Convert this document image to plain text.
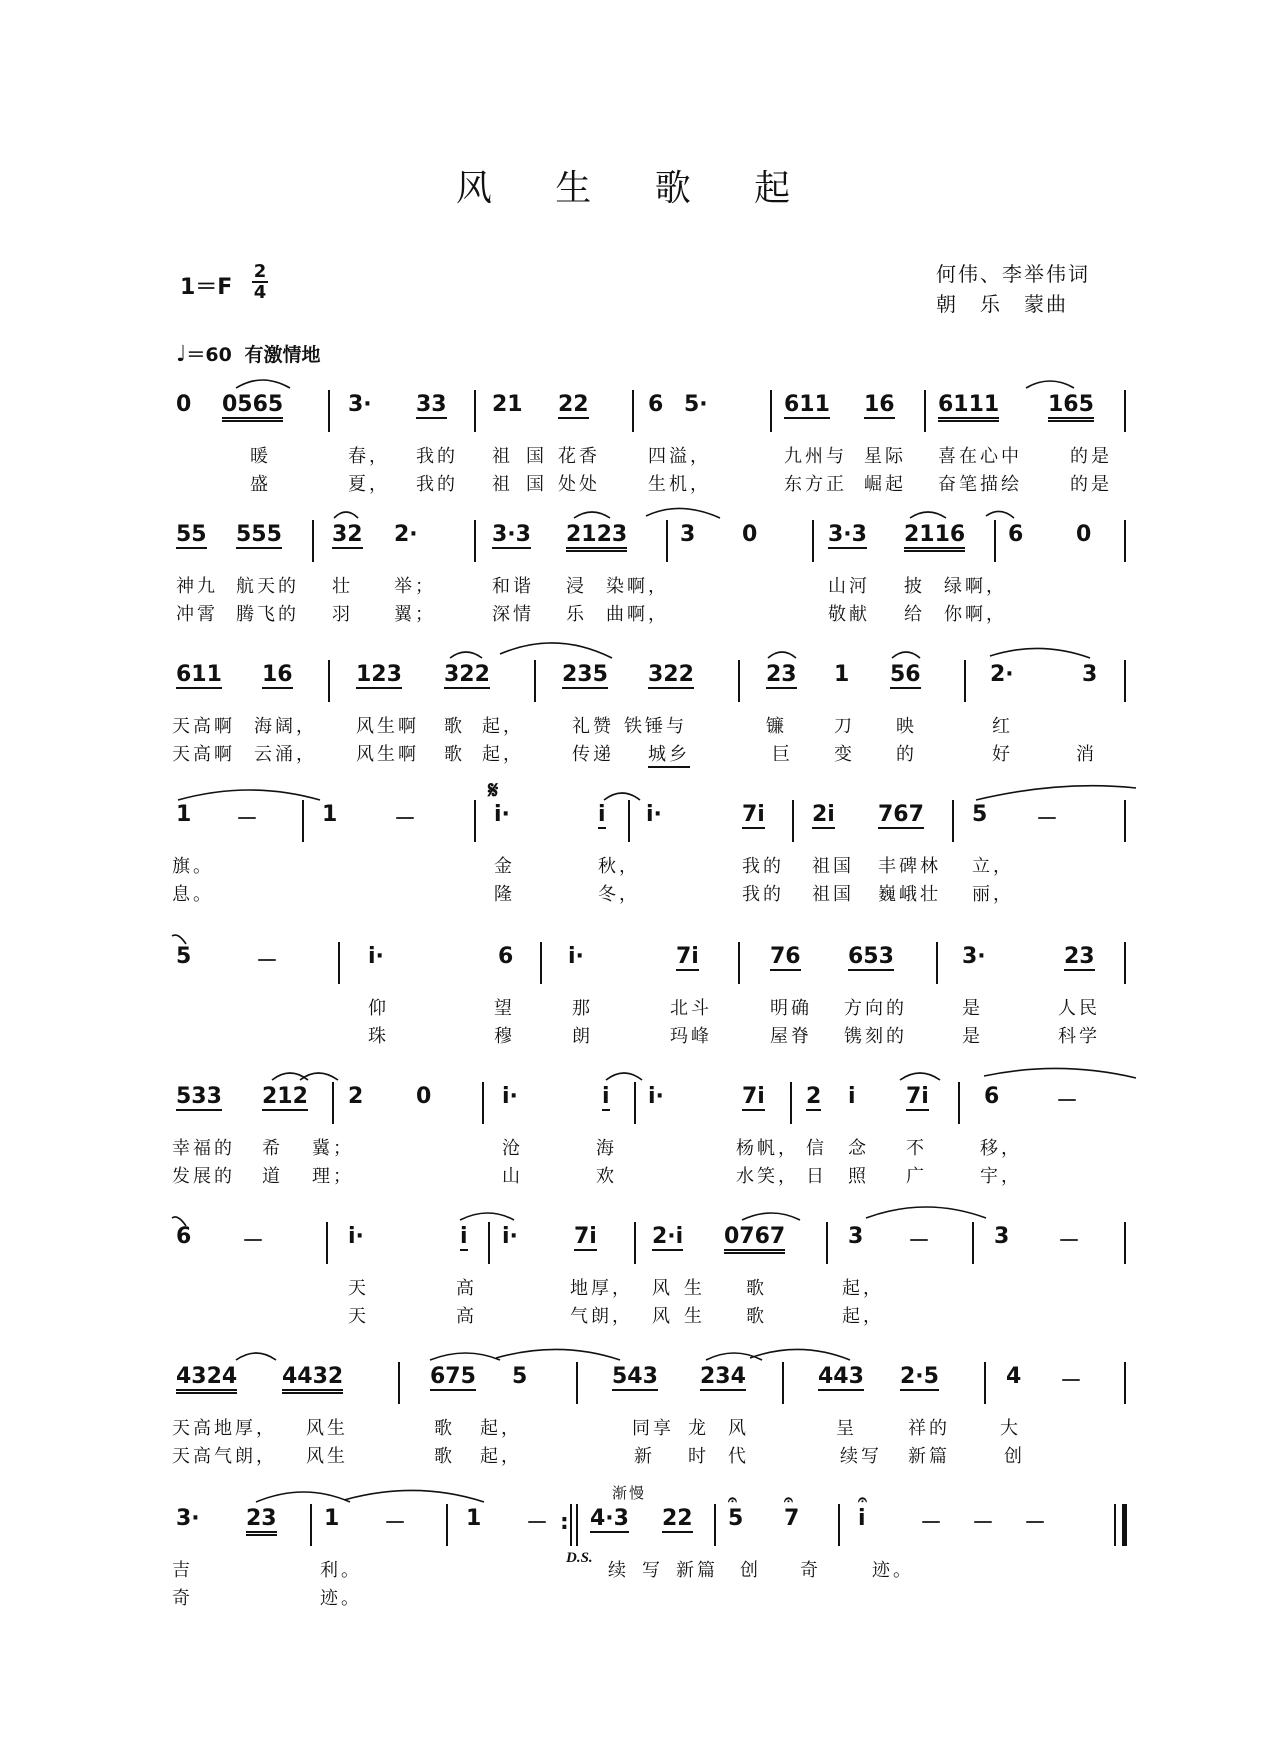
风 生 歌 起
$1=F \frac{2}{4}$	何伟、李举伟词
朝　乐　蒙曲
♩＝60 有激情地
0 0565	3· 33 21 22	6 5·	611 16 6111 165
暖	春， 我的 祖 国 花香	四溢，	九州与 星际 喜在心中	的是
盛	夏， 我的 祖 国 处处	生机，	东方正 崛起 奋笔描绘	的是
55 555 32 2·	3·3 2123 3 0	3·3 2116 6 0
神九 航天的 壮 举；	和谐 浸 染啊，	山河 披 绿啊，
冲霄 腾飞的 羽 翼；	深情 乐 曲啊，	敬献 给 你啊，
611 16	123 322	235 322	23 1 56	2·	3
天高啊 海阔， 风生啊 歌 起，	礼赞 铁锤与	镰	刀 映	红
天高啊 云涌， 风生啊 歌 起，	传递 城乡	巨 变 的	好	消
𝄋
1 －	1	－	i·	i i·	7i 2i 767 5 －
旗。	金	秋，	我的 祖国 丰碑林 立，
息。	隆	冬，	我的 祖国 巍峨壮 丽，
5	－	i·	6 i·	7i	76 653	3·	23
仰	望	那	北斗	明确 方向的	是	人民
珠	穆	朗	玛峰	屋脊 镌刻的	是	科学
533 212 2 0	i·	i i·	7i 2 i 7i	6	－
幸福的 希 冀；	沧	海	杨帆， 信 念 不	移，
发展的 道 理；	山	欢	水笑， 日 照 广	宇，
6 －	i·	i i·	7i	2·i 0767	3 －	3 －
天	高	地厚， 风 生 歌	起，
天	高	气朗， 风 生 歌	起，
4324 4432	675 5	543 234	443 2·5	4 －
天高地厚， 风生	歌 起，	同享 龙 风	呈	祥的	大
天高气朗， 风生	歌 起，	新 时 代	续写 新篇	创
渐慢
3· 23 1 －	1 － : 4·3 22 5
𝄐
7
𝄐
i
𝄐
－ － －
D.S.
吉	利。	续 写 新篇 创 奇	迹。
奇	迹。
